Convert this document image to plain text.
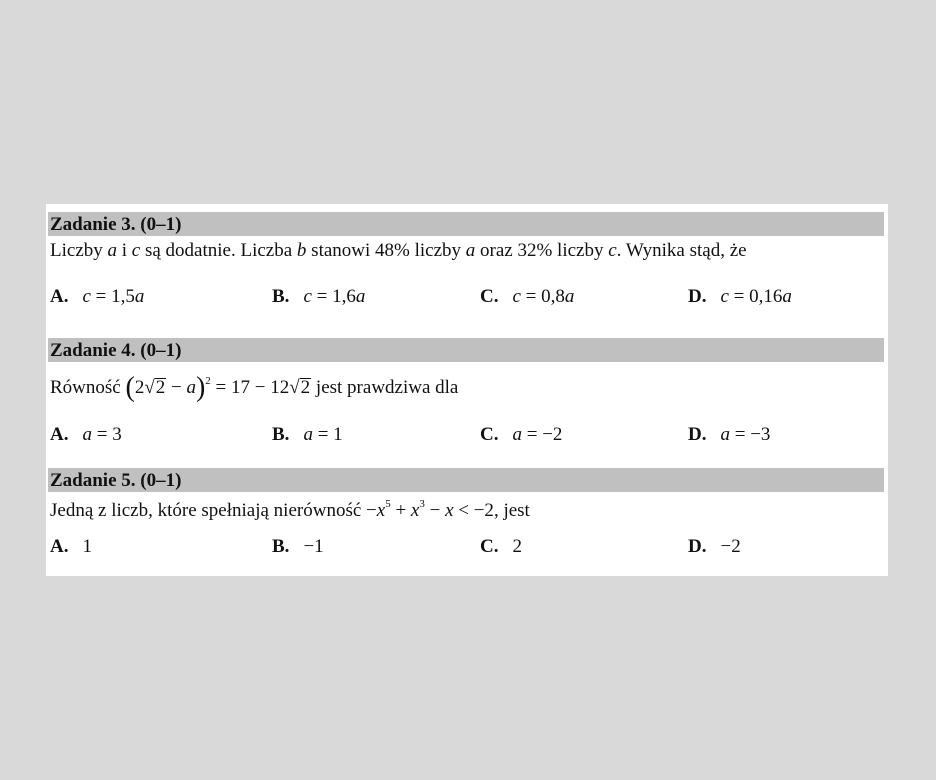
Zadanie 3. (0–1)
Liczby a i c są dodatnie. Liczba b stanowi 48% liczby a oraz 32% liczby c. Wynika stąd, że
A. c = 1,5a	B. c = 1,6a	C. c = 0,8a	D. c = 0,16a
Zadanie 4. (0–1)
Równość $(2√2 - a)^2 = 17 - 12√2$ jest prawdziwa dla
A. a = 3	B. a = 1	C. a = −2	D. a = −3
Zadanie 5. (0–1)
Jedną z liczb, które spełniają nierówność $-x^5 + x^3 - x < -2$, jest
A. 1	B. −1	C. 2	D. −2
